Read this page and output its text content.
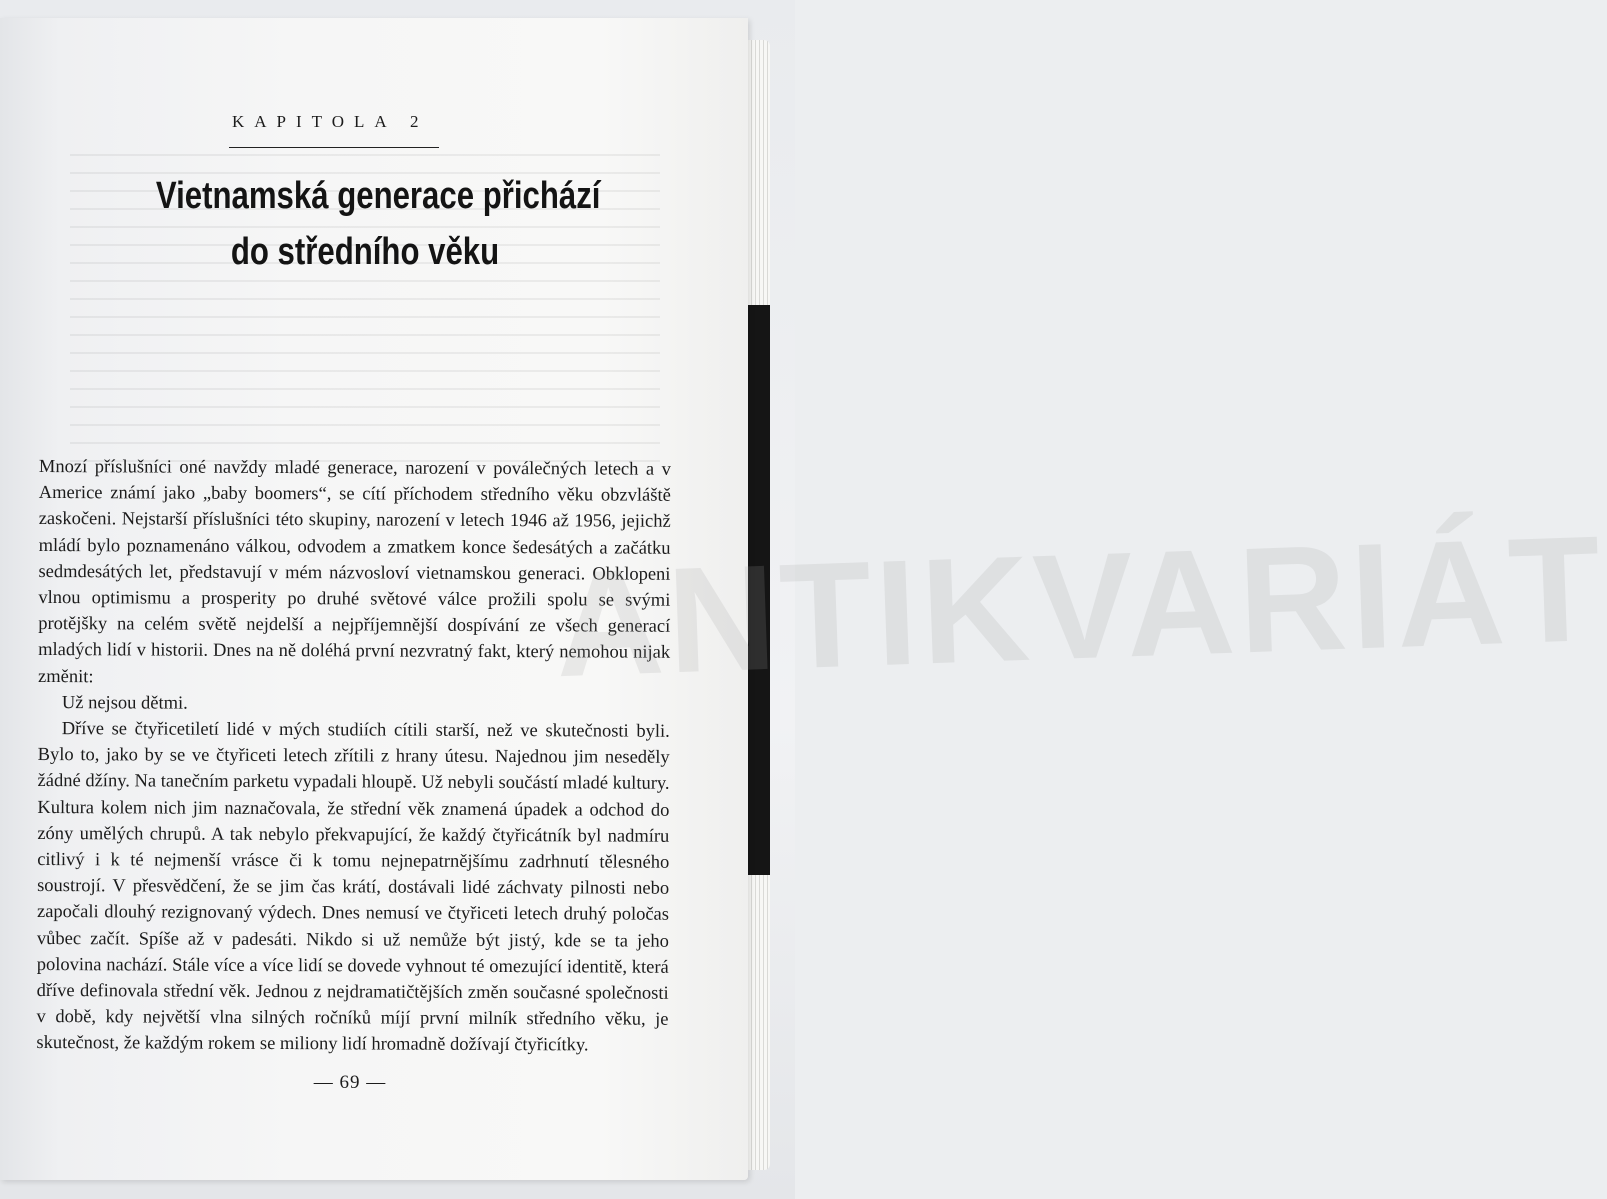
KAPITOLA 2
Vietnamská generace přichází
do středního věku

Mnozí příslušníci oné navždy mladé generace, narození v poválečných letech a v Americe známí jako „baby boomers“, se cítí příchodem středního věku obzvláště zaskočeni. Nejstarší příslušníci této skupiny, narození v letech 1946 až 1956, jejichž mládí bylo poznamenáno válkou, odvodem a zmatkem konce šedesátých a začátku sedmdesátých let, představují v mém názvosloví vietnamskou generaci. Obklopeni vlnou optimismu a prosperity po druhé světové válce prožili spolu se svými protějšky na celém světě nejdelší a nejpříjemnější dospívání ze všech generací mladých lidí v historii. Dnes na ně doléhá první nezvratný fakt, který nemohou nijak změnit:

Už nejsou dětmi.

Dříve se čtyřicetiletí lidé v mých studiích cítili starší, než ve skutečnosti byli. Bylo to, jako by se ve čtyřiceti letech zřítili z hrany útesu. Najednou jim neseděly žádné džíny. Na tanečním parketu vypadali hloupě. Už nebyli součástí mladé kultury. Kultura kolem nich jim naznačovala, že střední věk znamená úpadek a odchod do zóny umělých chrupů. A tak nebylo překvapující, že každý čtyřicátník byl nadmíru citlivý i k té nejmenší vrásce či k tomu nejnepatrnějšímu zadrhnutí tělesného soustrojí. V přesvědčení, že se jim čas krátí, dostávali lidé záchvaty pilnosti nebo započali dlouhý rezignovaný výdech. Dnes nemusí ve čtyřiceti letech druhý poločas vůbec začít. Spíše až v padesáti. Nikdo si už nemůže být jistý, kde se ta jeho polovina nachází. Stále více a více lidí se dovede vyhnout té omezující identitě, která dříve definovala střední věk. Jednou z nejdramatičtějších změn současné společnosti v době, kdy největší vlna silných ročníků míjí první milník středního věku, je skutečnost, že každým rokem se miliony lidí hromadně dožívají čtyřicítky.

ANTIKVARIÁT
— 69 —
